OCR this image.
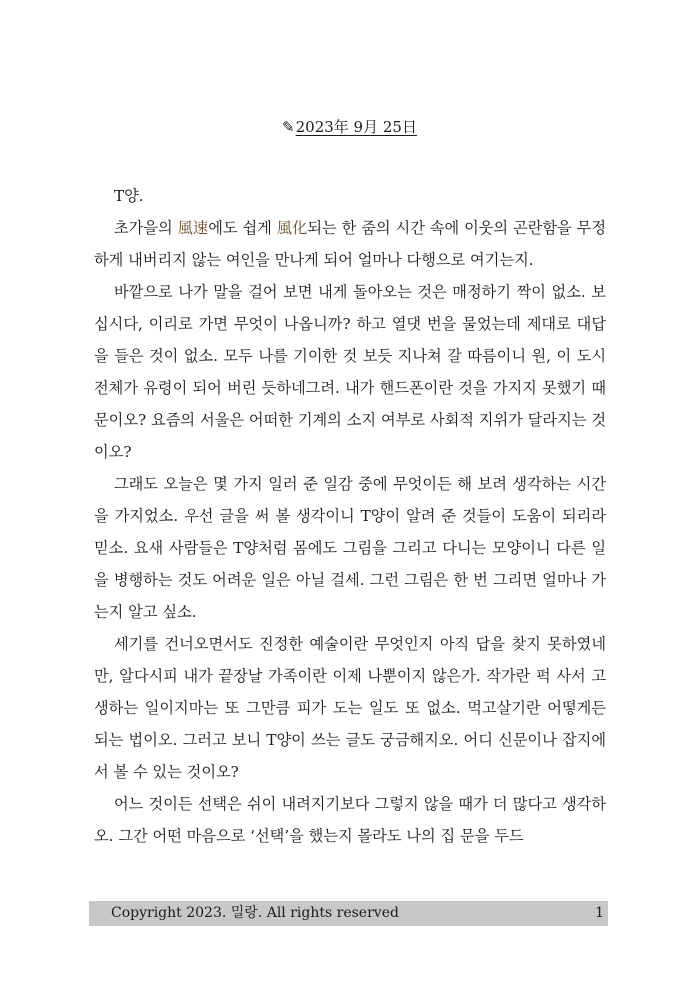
✎2023年 9月 25日

T양.

초가을의 風速에도 쉽게 風化되는 한 줌의 시간 속에 이웃의 곤란함을 무정하게 내버리지 않는 여인을 만나게 되어 얼마나 다행으로 여기는지.

바깥으로 나가 말을 걸어 보면 내게 돌아오는 것은 매정하기 짝이 없소. 보십시다, 이리로 가면 무엇이 나옵니까? 하고 열댓 번을 물었는데 제대로 대답을 들은 것이 없소. 모두 나를 기이한 것 보듯 지나쳐 갈 따름이니 원, 이 도시 전체가 유령이 되어 버린 듯하네그려. 내가 핸드폰이란 것을 가지지 못했기 때문이오? 요즘의 서울은 어떠한 기계의 소지 여부로 사회적 지위가 달라지는 것이오?

그래도 오늘은 몇 가지 일러 준 일감 중에 무엇이든 해 보려 생각하는 시간을 가지었소. 우선 글을 써 볼 생각이니 T양이 알려 준 것들이 도움이 되리라 믿소. 요새 사람들은 T양처럼 몸에도 그림을 그리고 다니는 모양이니 다른 일을 병행하는 것도 어려운 일은 아닐 걸세. 그런 그림은 한 번 그리면 얼마나 가는지 알고 싶소.

세기를 건너오면서도 진정한 예술이란 무엇인지 아직 답을 찾지 못하였네만, 알다시피 내가 끝장날 가족이란 이제 나뿐이지 않은가. 작가란 퍽 사서 고생하는 일이지마는 또 그만큼 피가 도는 일도 또 없소. 먹고살기란 어떻게든 되는 법이오. 그러고 보니 T양이 쓰는 글도 궁금해지오. 어디 신문이나 잡지에서 볼 수 있는 것이오?

어느 것이든 선택은 쉬이 내려지기보다 그렇지 않을 때가 더 많다고 생각하오. 그간 어떤 마음으로 ‘선택’을 했는지 몰라도 나의 집 문을 두드

Copyright 2023. 밀랑. All rights reserved	1
